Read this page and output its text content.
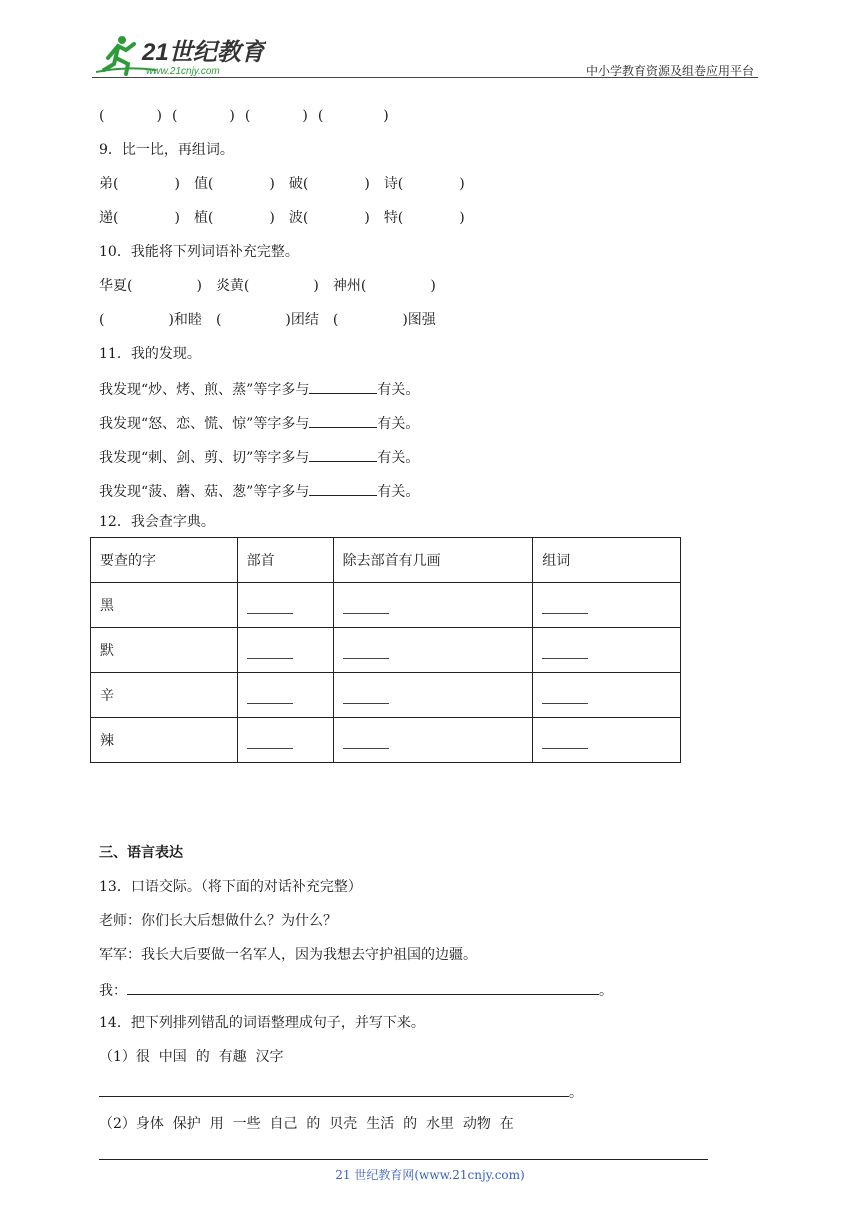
21世纪教育
www.21cnjy.com	中小学教育资源及组卷应用平台
(	) (	) (	) (	)
9．比一比，再组词。
弟(	) 值(	) 破(	) 诗(	)
递(	) 植(	) 波(	) 特(	)
10．我能将下列词语补充完整。
华夏(	) 炎黄(	) 神州(	)
(	)和睦 (	)团结 (	)图强
11．我的发现。
我发现“炒、烤、煎、蒸”等字多与	有关。
我发现“怒、恋、慌、惊”等字多与	有关。
我发现“刺、剑、剪、切”等字多与	有关。
我发现“菠、蘑、菇、葱”等字多与	有关。
12．我会查字典。
要查的字	部首	除去部首有几画	组词
黑			
默			
辛			
辣			
三、语言表达
13．口语交际。（将下面的对话补充完整）
老师：你们长大后想做什么？为什么？
军军：我长大后要做一名军人，因为我想去守护祖国的边疆。
我：	。
14．把下列排列错乱的词语整理成句子，并写下来。
（1）很  中国  的  有趣  汉字
。
（2）身体  保护  用  一些  自己  的  贝壳  生活  的  水里  动物  在
21 世纪教育网(www.21cnjy.com)
